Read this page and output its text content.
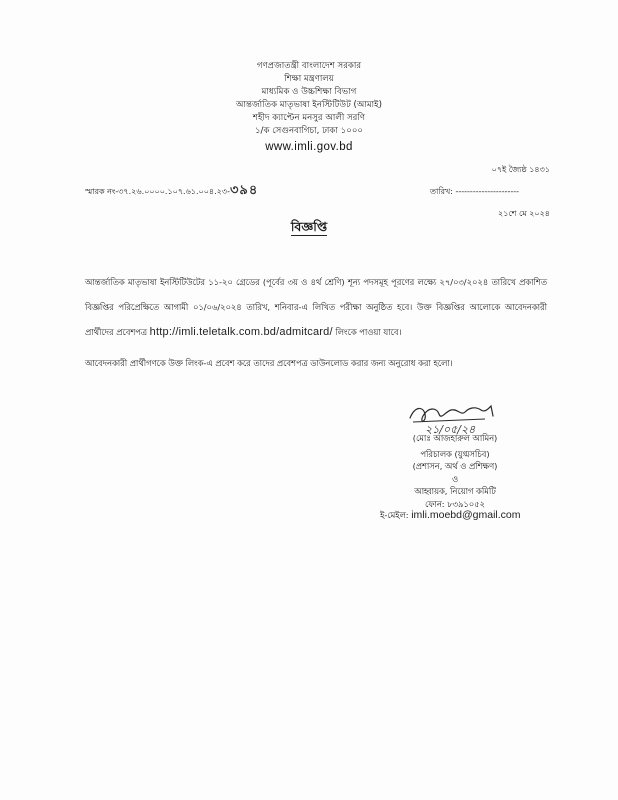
গণপ্রজাতন্ত্রী বাংলাদেশ সরকার
শিক্ষা মন্ত্রণালয়
মাধ্যমিক ও উচ্চশিক্ষা বিভাগ
আন্তর্জাতিক মাতৃভাষা ইনস্টিটিউট (আমাই)
শহীদ ক্যাপ্টেন মনসুর আলী সরণি
১/ক সেগুনবাগিচা, ঢাকা ১০০০
www.imli.gov.bd
স্মারক নং-৩৭.২৬.০০০০.১০৭.৬১.০০৪.২৩-৩৯৪
০৭ই জ্যৈষ্ঠ ১৪৩১
তারিখ: ----------------------
২১শে মে ২০২৪
বিজ্ঞপ্তি
আন্তর্জাতিক মাতৃভাষা ইনস্টিটিউটের ১১-২০ গ্রেডের (পূর্বের ৩য় ও ৪র্থ শ্রেণি) শূন্য পদসমূহ পূরণের লক্ষ্যে ২৭/০৩/২০২৪ তারিখে প্রকাশিত বিজ্ঞপ্তির পরিপ্রেক্ষিতে আগামী ০১/০৬/২০২৪ তারিখ, শনিবার-এ লিখিত পরীক্ষা অনুষ্ঠিত হবে। উক্ত বিজ্ঞপ্তির আলোকে আবেদনকারী প্রার্থীদের প্রবেশপত্র http://imli.teletalk.com.bd/admitcard/ লিংকে পাওয়া যাবে।
আবেদনকারী প্রার্থীগণকে উক্ত লিংক-এ প্রবেশ করে তাদের প্রবেশপত্র ডাউনলোড করার জন্য অনুরোধ করা হলো।
২১/০৫/২৪
(মোঃ আজহারুল আমিন)
পরিচালক (যুগ্মসচিব)
(প্রশাসন, অর্থ ও প্রশিক্ষণ)
ও
আহ্বায়ক, নিয়োগ কমিটি
ফোন: ৮৩৯১০৫২
ই-মেইল: imli.moebd@gmail.com
